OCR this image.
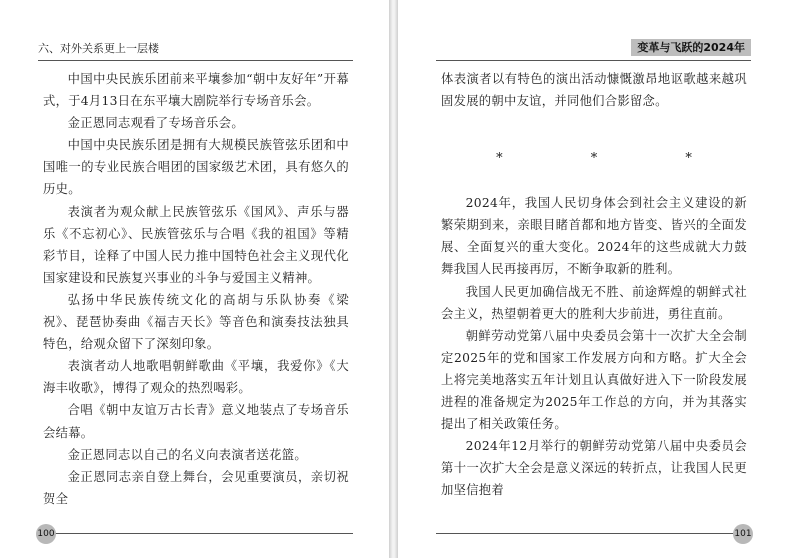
六、对外关系更上一层楼

中国中央民族乐团前来平壤参加“朝中友好年”开幕式，于4月13日在东平壤大剧院举行专场音乐会。

金正恩同志观看了专场音乐会。

中国中央民族乐团是拥有大规模民族管弦乐团和中国唯一的专业民族合唱团的国家级艺术团，具有悠久的历史。

表演者为观众献上民族管弦乐《国风》、声乐与器乐《不忘初心》、民族管弦乐与合唱《我的祖国》等精彩节目，诠释了中国人民力推中国特色社会主义现代化国家建设和民族复兴事业的斗争与爱国主义精神。

弘扬中华民族传统文化的高胡与乐队协奏《梁祝》、琵琶协奏曲《福吉天长》等音色和演奏技法独具特色，给观众留下了深刻印象。

表演者动人地歌唱朝鲜歌曲《平壤，我爱你》《大海丰收歌》，博得了观众的热烈喝彩。

合唱《朝中友谊万古长青》意义地装点了专场音乐会结幕。

金正恩同志以自己的名义向表演者送花篮。

金正恩同志亲自登上舞台，会见重要演员，亲切祝贺全

100
变革与飞跃的2024年

体表演者以有特色的演出活动慷慨激昂地讴歌越来越巩固发展的朝中友谊，并同他们合影留念。

* * *

2024年，我国人民切身体会到社会主义建设的新繁荣期到来，亲眼目睹首都和地方皆变、皆兴的全面发展、全面复兴的重大变化。2024年的这些成就大力鼓舞我国人民再接再厉，不断争取新的胜利。

我国人民更加确信战无不胜、前途辉煌的朝鲜式社会主义，热望朝着更大的胜利大步前进，勇往直前。

朝鲜劳动党第八届中央委员会第十一次扩大全会制定2025年的党和国家工作发展方向和方略。扩大全会上将完美地落实五年计划且认真做好进入下一阶段发展进程的准备规定为2025年工作总的方向，并为其落实提出了相关政策任务。

2024年12月举行的朝鲜劳动党第八届中央委员会第十一次扩大全会是意义深远的转折点，让我国人民更加坚信抱着

101
